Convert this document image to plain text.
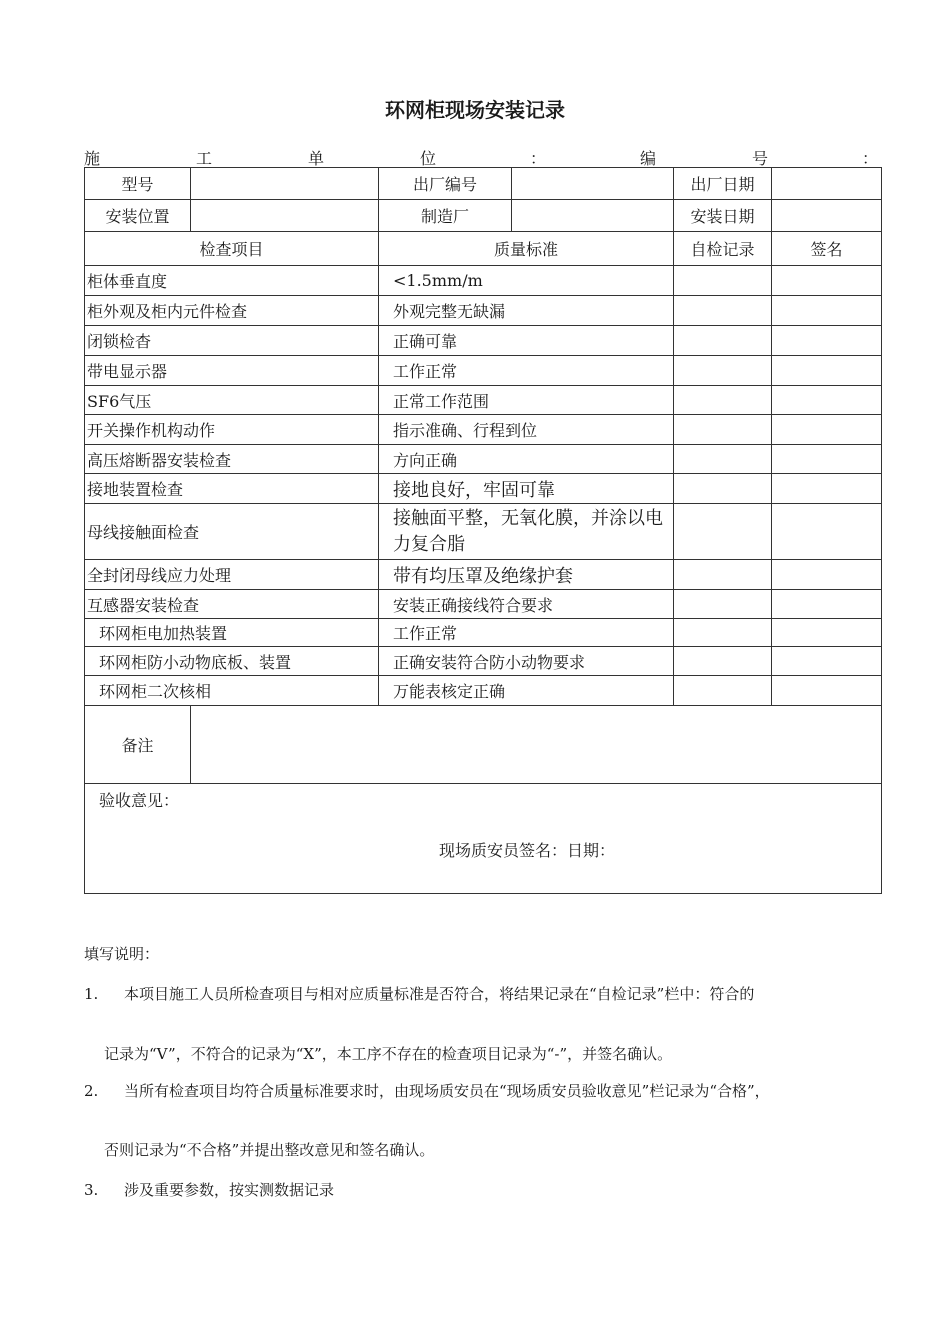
环网柜现场安装记录
施	工	单	位	：	编	号	：
型号		出厂编号		出厂日期	
安装位置		制造厂		安装日期	
检查项目		质量标准		自检记录	签名
柜体垂直度		<1.5mm/m			
柜外观及柜内元件检查		外观完整无缺漏			
闭锁检杳		正确可靠			
带电显示器		工作正常			
SF6气压		正常工作范围			
开关操作机构动作		指示准确、行程到位			
高压熔断器安装检查		方向正确			
接地装置检查		接地良好，牢固可靠			
母线接触面检查		接触面平整，无氧化膜，并涂以电力复合脂			
全封闭母线应力处理		带有均压罩及绝缘护套			
互感器安装检查		安装正确接线符合要求			
环网柜电加热装置		工作正常			
环网柜防小动物底板、装置		正确安装符合防小动物要求			
环网柜二次核相		万能表核定正确			
备注					

验收意见：
现场质安员签名：日期：					
填写说明：
1. 本项目施工人员所检查项目与相对应质量标准是否符合，将结果记录在“自检记录”栏中：符合的
记录为“V”，不符合的记录为“X”，本工序不存在的检查项目记录为“-”，并签名确认。
2. 当所有检查项目均符合质量标准要求时，由现场质安员在“现场质安员验收意见”栏记录为“合格”，
否则记录为“不合格”并提出整改意见和签名确认。
3. 涉及重要参数，按实测数据记录
